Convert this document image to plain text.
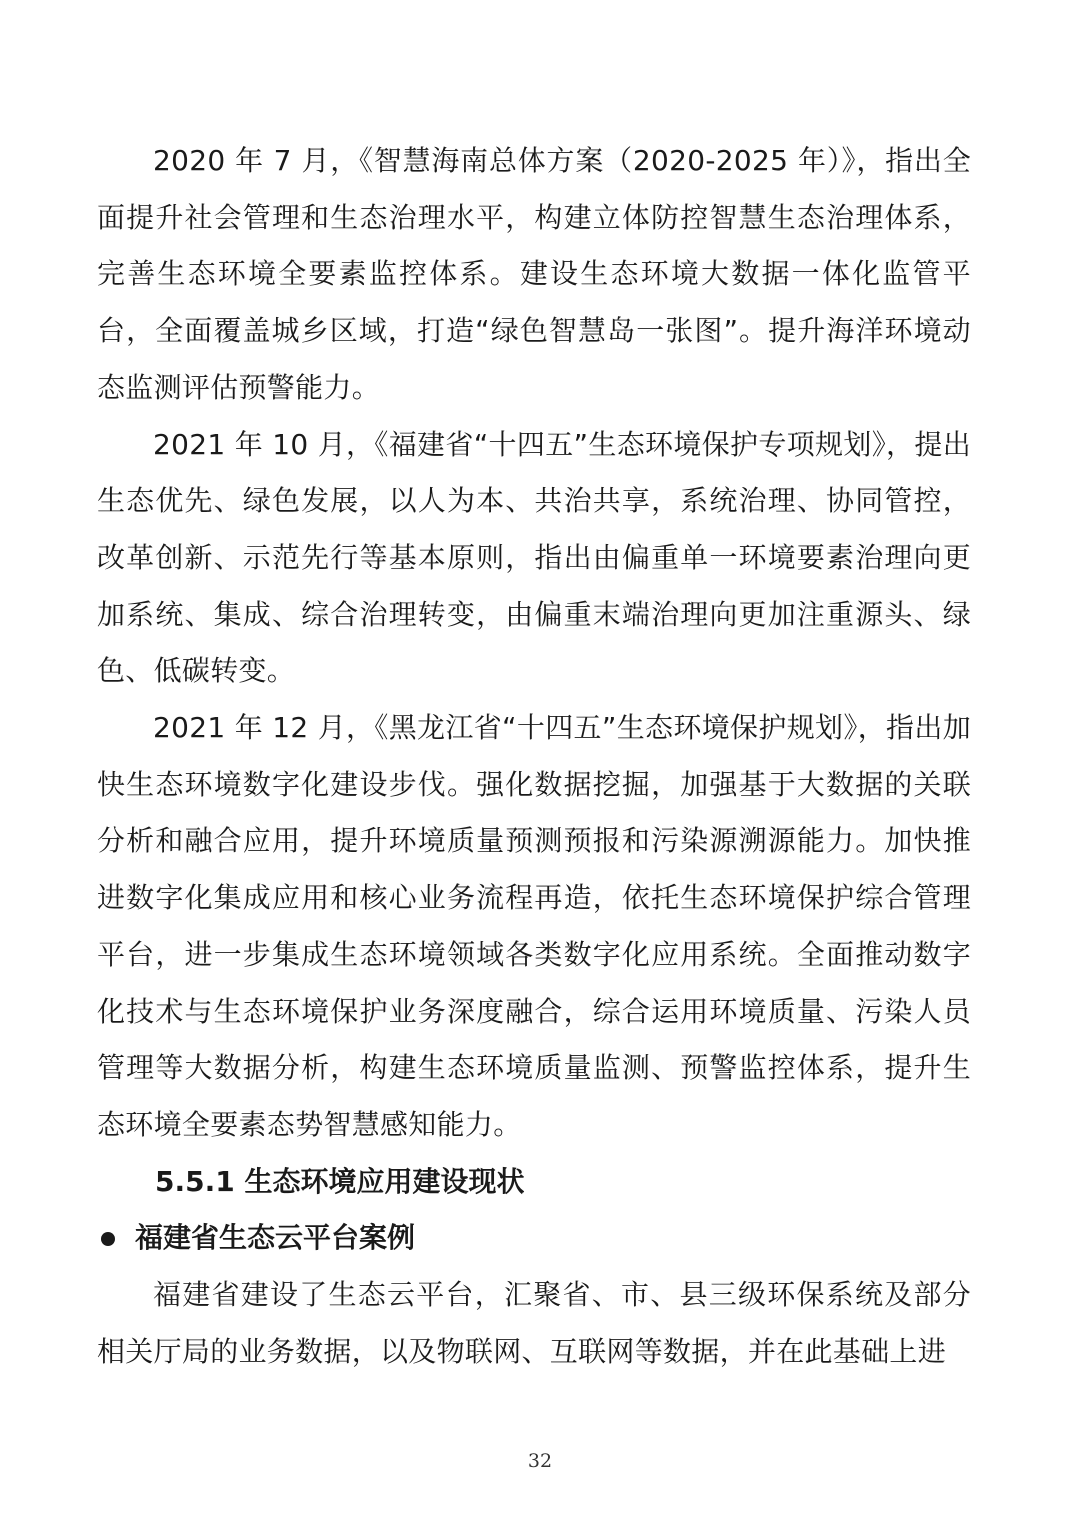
2020 年 7 月，《智慧海南总体方案（2020-2025 年）》，指出全面提升社会管理和生态治理水平，构建立体防控智慧生态治理体系，完善生态环境全要素监控体系。建设生态环境大数据一体化监管平台，全面覆盖城乡区域，打造“绿色智慧岛一张图”。提升海洋环境动态监测评估预警能力。

2021 年 10 月，《福建省“十四五”生态环境保护专项规划》，提出生态优先、绿色发展，以人为本、共治共享，系统治理、协同管控，改革创新、示范先行等基本原则，指出由偏重单一环境要素治理向更加系统、集成、综合治理转变，由偏重末端治理向更加注重源头、绿色、低碳转变。

2021 年 12 月，《黑龙江省“十四五”生态环境保护规划》，指出加快生态环境数字化建设步伐。强化数据挖掘，加强基于大数据的关联分析和融合应用，提升环境质量预测预报和污染源溯源能力。加快推进数字化集成应用和核心业务流程再造，依托生态环境保护综合管理平台，进一步集成生态环境领域各类数字化应用系统。全面推动数字化技术与生态环境保护业务深度融合，综合运用环境质量、污染人员管理等大数据分析，构建生态环境质量监测、预警监控体系，提升生态环境全要素态势智慧感知能力。

5.5.1 生态环境应用建设现状
福建省生态云平台案例

福建省建设了生态云平台，汇聚省、市、县三级环保系统及部分相关厅局的业务数据，以及物联网、互联网等数据，并在此基础上进

32
